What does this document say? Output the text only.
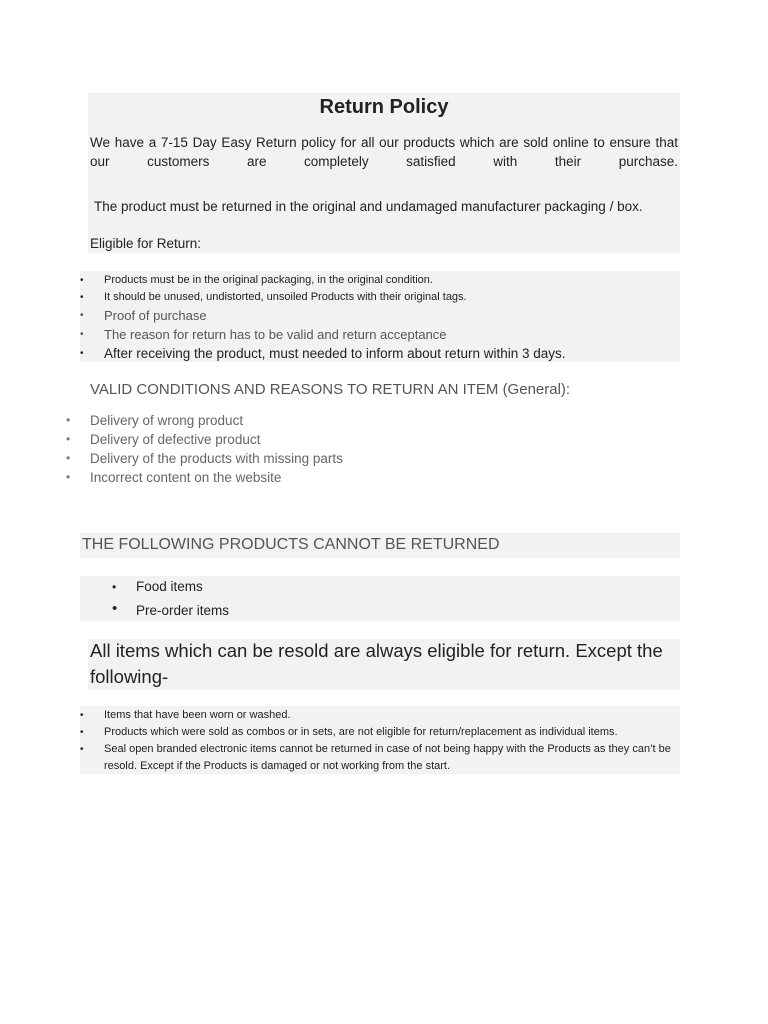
Return Policy
We have a 7-15 Day Easy Return policy for all our products which are sold online to ensure that our customers are completely satisfied with their purchase.
The product must be returned in the original and undamaged manufacturer packaging / box.
Eligible for Return:
• Products must be in the original packaging, in the original condition.
• It should be unused, undistorted, unsoiled Products with their original tags.
• Proof of purchase
• The reason for return has to be valid and return acceptance
• After receiving the product, must needed to inform about return within 3 days.
VALID CONDITIONS AND REASONS TO RETURN AN ITEM (General):
• Delivery of wrong product
• Delivery of defective product
• Delivery of the products with missing parts
• Incorrect content on the website
THE FOLLOWING PRODUCTS CANNOT BE RETURNED
• Food items
• Pre-order items
All items which can be resold are always eligible for return. Except the following-
• Items that have been worn or washed.
• Products which were sold as combos or in sets, are not eligible for return/replacement as individual items.
• Seal open branded electronic items cannot be returned in case of not being happy with the Products as they can’t be resold. Except if the Products is damaged or not working from the start.
